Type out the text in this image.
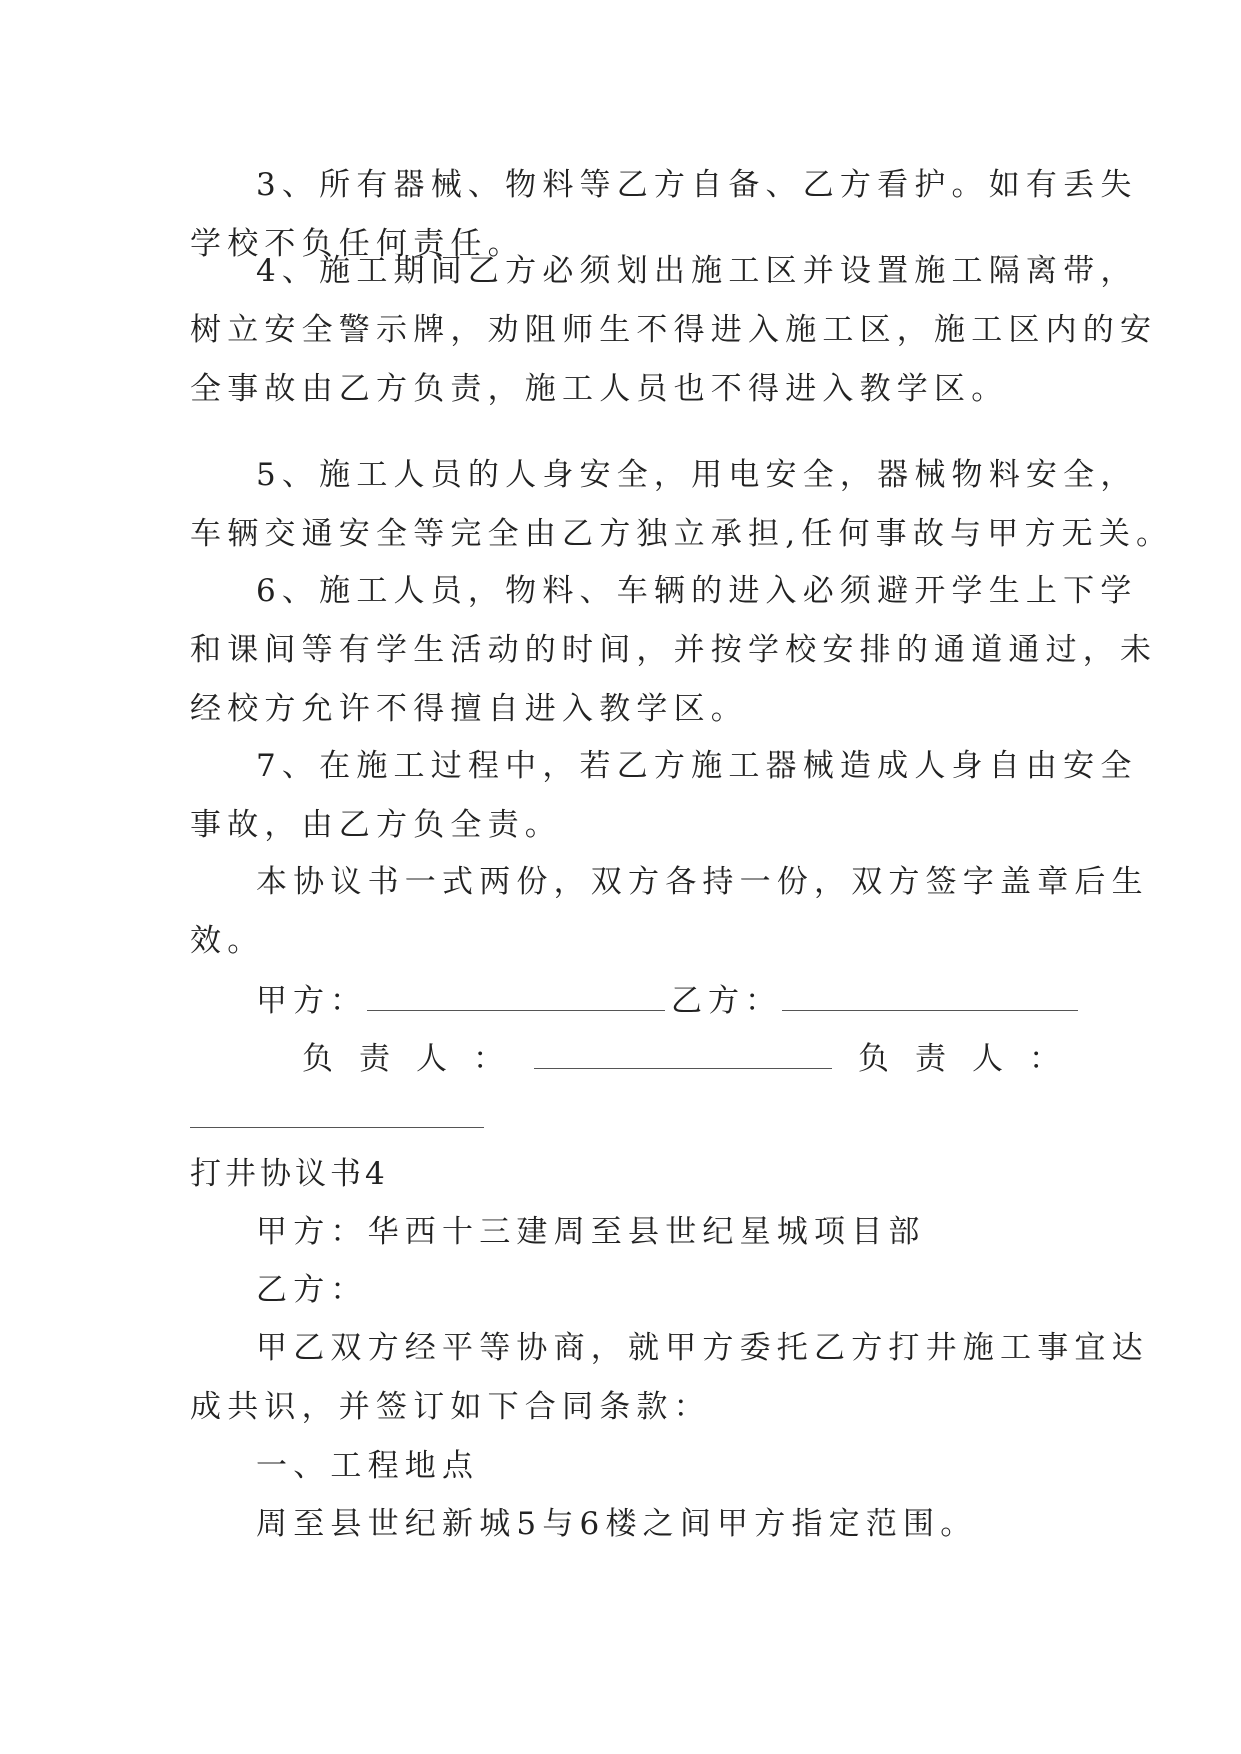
3、所有器械、物料等乙方自备、乙方看护。如有丢失
学校不负任何责任。
4、施工期间乙方必须划出施工区并设置施工隔离带，
树立安全警示牌，劝阻师生不得进入施工区，施工区内的安
全事故由乙方负责，施工人员也不得进入教学区。
5、施工人员的人身安全，用电安全，器械物料安全，
车辆交通安全等完全由乙方独立承担,任何事故与甲方无关。
6、施工人员，物料、车辆的进入必须避开学生上下学
和课间等有学生活动的时间，并按学校安排的通道通过，未
经校方允许不得擅自进入教学区。
7、在施工过程中，若乙方施工器械造成人身自由安全
事故，由乙方负全责。
本协议书一式两份，双方各持一份，双方签字盖章后生
效。
甲方：	乙方：
负责人：	负责人：
打井协议书4
甲方：华西十三建周至县世纪星城项目部
乙方：
甲乙双方经平等协商，就甲方委托乙方打井施工事宜达
成共识，并签订如下合同条款：
一、工程地点
周至县世纪新城5与6楼之间甲方指定范围。
